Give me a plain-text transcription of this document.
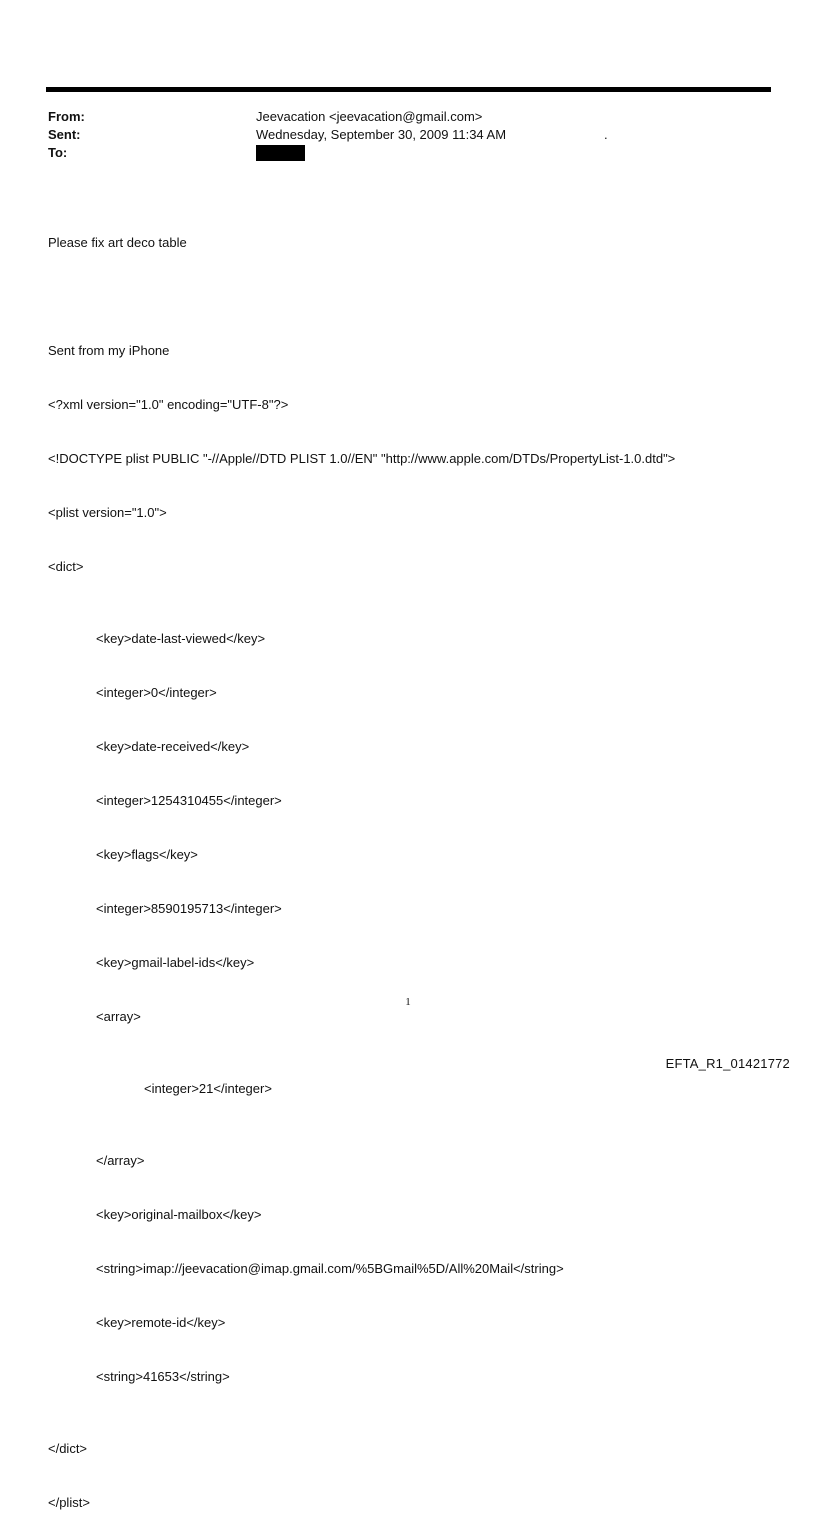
From:	Jeevacation <jeevacation@gmail.com>
Sent:	Wednesday, September 30, 2009 11:34 AM	.
To:

Please fix art deco table

Sent from my iPhone

<?xml version="1.0" encoding="UTF-8"?>

<!DOCTYPE plist PUBLIC "-//Apple//DTD PLIST 1.0//EN" "http://www.apple.com/DTDs/PropertyList-1.0.dtd">

<plist version="1.0">

<dict>

<key>date-last-viewed</key>

<integer>0</integer>

<key>date-received</key>

<integer>1254310455</integer>

<key>flags</key>

<integer>8590195713</integer>

<key>gmail-label-ids</key>

<array>

<integer>21</integer>

</array>

<key>original-mailbox</key>

<string>imap://jeevacation@imap.gmail.com/%5BGmail%5D/All%20Mail</string>

<key>remote-id</key>

<string>41653</string>

</dict>

</plist>

1
EFTA_R1_01421772
